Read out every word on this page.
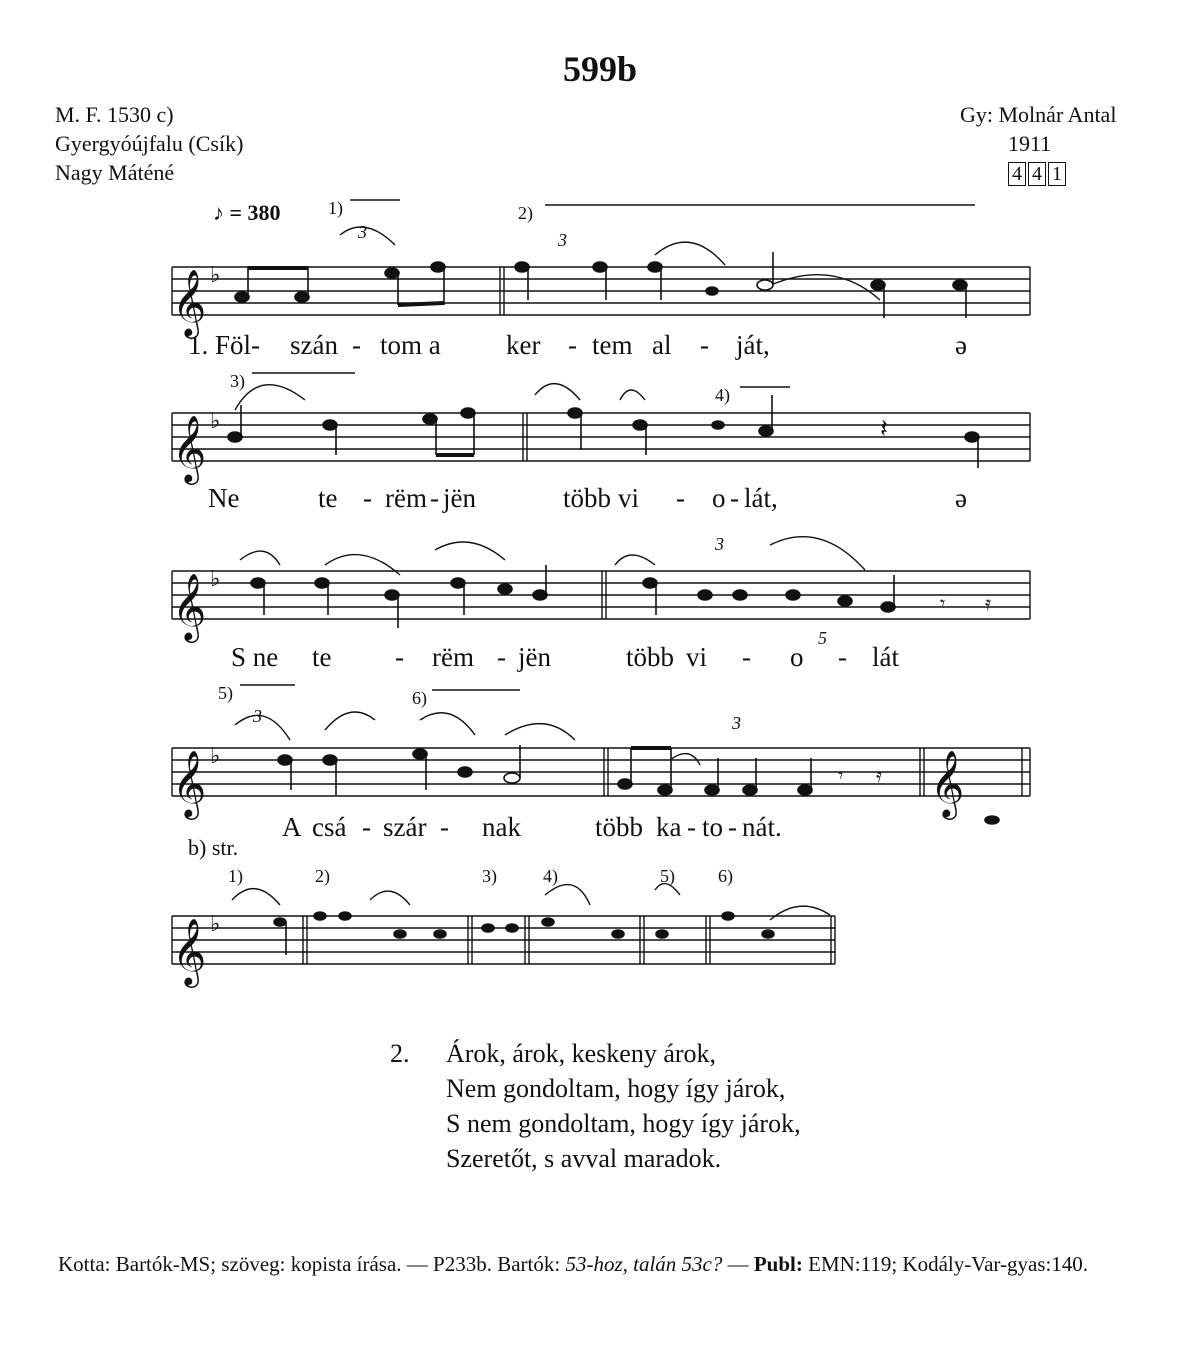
599b
M. F. 1530 c)
Gyergyóújfalu (Csík)
Nagy Máténé
Gy: Molnár Antal
1911
4 4 1
♪ = 380
𝄞 ♭
𝄞 ♭
𝄞 ♭
𝄞 ♭	𝄞
𝄞 ♭
𝄽
𝄿
𝄾
𝄾 𝄿
1)	2)
3)
4)
5)	6)
3	3
3
5
3	3
1)	2)	3)	4)	5) 6)
1. Föl- szán - tom a ker - tem al - ját,	ə
Ne	te - rëm - jën	több vi - o - lát,	ə
S ne te - rëm - jën	több vi - o - lát
A csá - szár - nak	több ka - to - nát.
b) str.
2. Árok, árok, keskeny árok,
Nem gondoltam, hogy így járok,
S nem gondoltam, hogy így járok,
Szeretőt, s avval maradok.
Kotta: Bartók-MS; szöveg: kopista írása. — P233b. Bartók: 53-hoz, talán 53c? — Publ: EMN:119; Kodály-Var-gyas:140.
